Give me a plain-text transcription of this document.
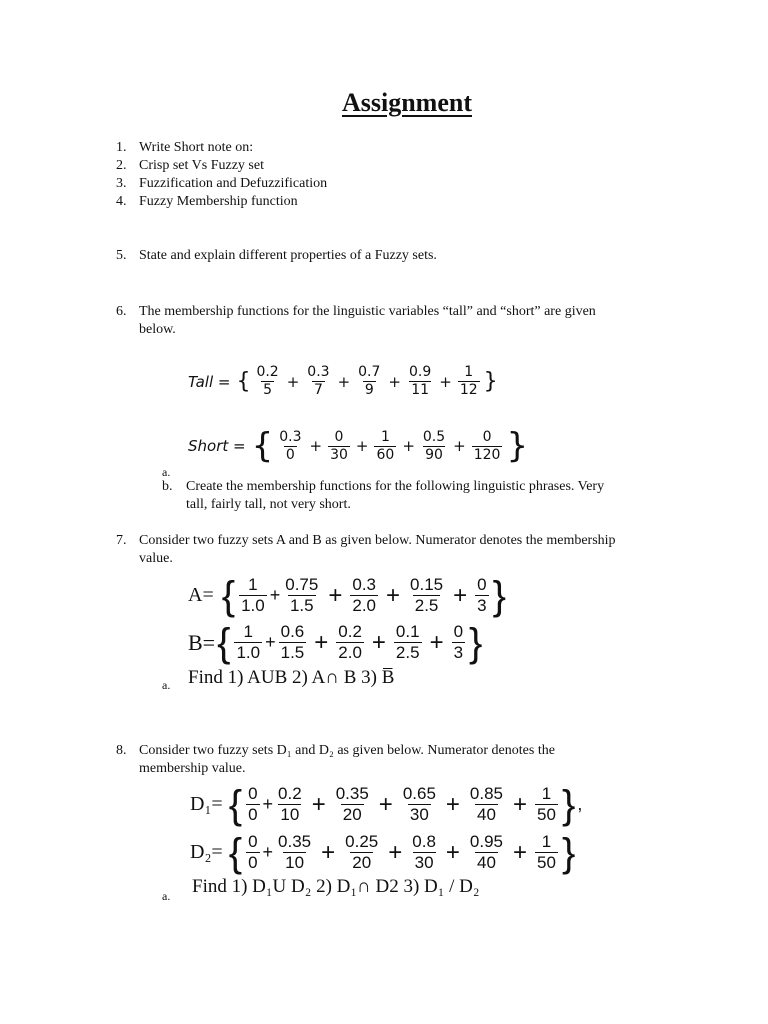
Assignment
1. Write Short note on:
2. Crisp set Vs Fuzzy set
3. Fuzzification and Defuzzification
4. Fuzzy Membership function
5. State and explain different properties of a Fuzzy sets.
6. The membership functions for the linguistic variables “tall” and “short” are given
below.
Tall = { $\frac{0.2}{5} + \frac{0.3}{7} + \frac{0.7}{9} + \frac{0.9}{11} + \frac{1}{12}$ }
Short = { $\frac{0.3}{0} + \frac{0}{30} + \frac{1}{60} + \frac{0.5}{90} + \frac{0}{120}$ }
a.
b. Create the membership functions for the following linguistic phrases. Very
tall, fairly tall, not very short.
7. Consider two fuzzy sets A and B as given below. Numerator denotes the membership
value.
A= { $\frac{1}{1.0} + \frac{0.75}{1.5} + \frac{0.3}{2.0} + \frac{0.15}{2.5} + \frac{0}{3}$ }
B= { $\frac{1}{1.0} + \frac{0.6}{1.5} + \frac{0.2}{2.0} + \frac{0.1}{2.5} + \frac{0}{3}$ }
a. Find 1) AUB 2) A∩ B 3) B̅
8. Consider two fuzzy sets D₁ and D₂ as given below. Numerator denotes the
membership value.
D₁= { $\frac{0}{0} + \frac{0.2}{10} + \frac{0.35}{20} + \frac{0.65}{30} + \frac{0.85}{40} + \frac{1}{50}$ } ,
D₂= { $\frac{0}{0} + \frac{0.35}{10} + \frac{0.25}{20} + \frac{0.8}{30} + \frac{0.95}{40} + \frac{1}{50}$ }
a. Find 1) D₁U D₂ 2) D₁∩ D2 3) D₁ / D₂
